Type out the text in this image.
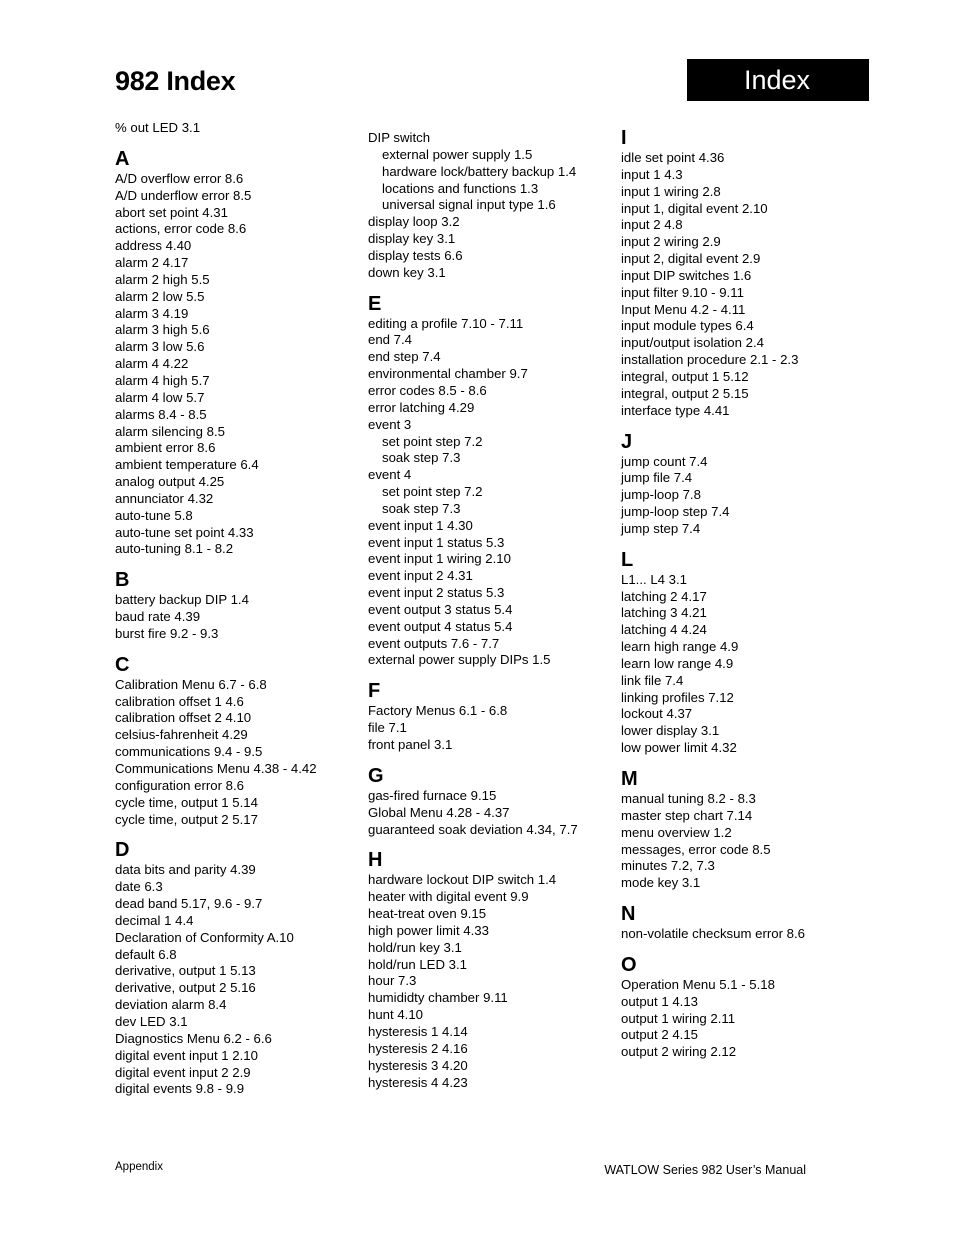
982 Index	Index
% out LED 3.1
A
A/D overflow error 8.6
A/D underflow error 8.5
abort set point 4.31
actions, error code 8.6
address 4.40
alarm 2 4.17
alarm 2 high 5.5
alarm 2 low 5.5
alarm 3 4.19
alarm 3 high 5.6
alarm 3 low 5.6
alarm 4 4.22
alarm 4 high 5.7
alarm 4 low 5.7
alarms 8.4 - 8.5
alarm silencing 8.5
ambient error 8.6
ambient temperature 6.4
analog output 4.25
annunciator 4.32
auto-tune 5.8
auto-tune set point 4.33
auto-tuning 8.1 - 8.2
B
battery backup DIP 1.4
baud rate 4.39
burst fire 9.2 - 9.3
C
Calibration Menu 6.7 - 6.8
calibration offset 1 4.6
calibration offset 2 4.10
celsius-fahrenheit 4.29
communications 9.4 - 9.5
Communications Menu 4.38 - 4.42
configuration error 8.6
cycle time, output 1 5.14
cycle time, output 2 5.17
D
data bits and parity 4.39
date 6.3
dead band 5.17, 9.6 - 9.7
decimal 1 4.4
Declaration of Conformity A.10
default 6.8
derivative, output 1 5.13
derivative, output 2 5.16
deviation alarm 8.4
dev LED 3.1
Diagnostics Menu 6.2 - 6.6
digital event input 1 2.10
digital event input 2 2.9
digital events 9.8 - 9.9
DIP switch
external power supply 1.5
hardware lock/battery backup 1.4
locations and functions 1.3
universal signal input type 1.6
display loop 3.2
display key 3.1
display tests 6.6
down key 3.1
E
editing a profile 7.10 - 7.11
end 7.4
end step 7.4
environmental chamber 9.7
error codes 8.5 - 8.6
error latching 4.29
event 3
set point step 7.2
soak step 7.3
event 4
set point step 7.2
soak step 7.3
event input 1 4.30
event input 1 status 5.3
event input 1 wiring 2.10
event input 2 4.31
event input 2 status 5.3
event output 3 status 5.4
event output 4 status 5.4
event outputs 7.6 - 7.7
external power supply DIPs 1.5
F
Factory Menus 6.1 - 6.8
file 7.1
front panel 3.1
G
gas-fired furnace 9.15
Global Menu 4.28 - 4.37
guaranteed soak deviation 4.34, 7.7
H
hardware lockout DIP switch 1.4
heater with digital event 9.9
heat-treat oven 9.15
high power limit 4.33
hold/run key 3.1
hold/run LED 3.1
hour 7.3
humididty chamber 9.11
hunt 4.10
hysteresis 1 4.14
hysteresis 2 4.16
hysteresis 3 4.20
hysteresis 4 4.23
I
idle set point 4.36
input 1 4.3
input 1 wiring 2.8
input 1, digital event 2.10
input 2 4.8
input 2 wiring 2.9
input 2, digital event 2.9
input DIP switches 1.6
input filter 9.10 - 9.11
Input Menu 4.2 - 4.11
input module types 6.4
input/output isolation 2.4
installation procedure 2.1 - 2.3
integral, output 1 5.12
integral, output 2 5.15
interface type 4.41
J
jump count 7.4
jump file 7.4
jump-loop 7.8
jump-loop step 7.4
jump step 7.4
L
L1... L4 3.1
latching 2 4.17
latching 3 4.21
latching 4 4.24
learn high range 4.9
learn low range 4.9
link file 7.4
linking profiles 7.12
lockout 4.37
lower display 3.1
low power limit 4.32
M
manual tuning 8.2 - 8.3
master step chart 7.14
menu overview 1.2
messages, error code 8.5
minutes 7.2, 7.3
mode key 3.1
N
non-volatile checksum error 8.6
O
Operation Menu 5.1 - 5.18
output 1 4.13
output 1 wiring 2.11
output 2 4.15
output 2 wiring 2.12
Appendix	WATLOW Series 982 User’s Manual
